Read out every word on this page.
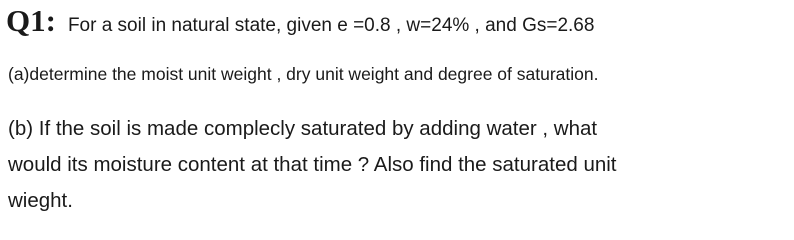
Q1: For a soil in natural state, given e =0.8 , w=24% , and Gs=2.68
(a)determine the moist unit weight , dry unit weight and degree of saturation.
(b) If the soil is made complecly saturated by adding water , what
would its moisture content at that time ? Also find the saturated unit
wieght.
